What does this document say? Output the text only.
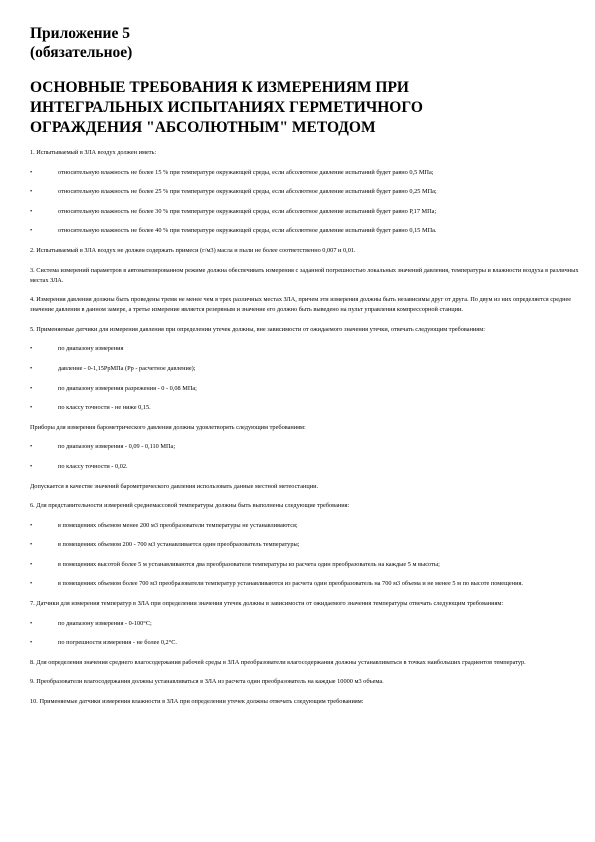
Приложение 5

(обязательное)

ОСНОВНЫЕ ТРЕБОВАНИЯ К ИЗМЕРЕНИЯМ ПРИ
ИНТЕГРАЛЬНЫХ ИСПЫТАНИЯХ ГЕРМЕТИЧНОГО
ОГРАЖДЕНИЯ "АБСОЛЮТНЫМ" МЕТОДОМ
1. Испытываемый в ЗЛА воздух должен иметь:
•	относительную влажность не более 15 % при температуре окружающей среды, если абсолютное давление испытаний будет равно 0,5 МПа;
•	относительную влажность не более 25 % при температуре окружающей среды, если абсолютное давление испытаний будет равно 0,25 МПа;
•	относительную влажность не более 30 % при температуре окружающей среды, если абсолютное давление испытаний будет равно Р,17 МПа;
•	относительную влажность не более 40 % при температуре окружающей среды, если абсолютное давление испытаний будет равно 0,15 МПа.
2. Испытываемый в ЗЛА воздух не должен содержать примеси (г/м3) масла и пыли не более соответственно 0,007 и 0,01.
3. Система измерений параметров в автоматизированном режиме должна обеспечивать измерения с заданной погрешностью локальных значений давления, температуры и влажности воздуха в различных местах ЗЛА.
4. Измерения давления должны быть проведены тремя не менее чем в трех различных местах ЗЛА, причем эти измерения должны быть независимы друг от друга. По двум из них определяется среднее значение давления в данном замере, а третье измерение является резервным и значение его должно быть выведено на пульт управления компрессорной станции.
5. Применяемые датчики для измерения давления при определении утечек должны, вне зависимости от ожидаемого значения утечки, отвечать следующим требованиям:
•	по диапазону измерения
•	давление - 0-1,15РрМПа (Рр - расчетное давление);
•	по диапазону измерения разрежения - 0 - 0,08 МПа;
•	по классу точности - не ниже 0,15.
Приборы для измерения барометрического давления должны удовлетворять следующим требованиям:
•	по диапазону измерения - 0,09 - 0,110 МПа;
•	по классу точности - 0,02.
Допускается в качестве значений барометрического давления использовать данные местной метеостанции.
6. Для представительности измерений среднемассовой температуры должны быть выполнены следующие требования:
•	в помещениях объемом менее 200 м3 преобразователи температуры не устанавливаются;
•	в помещениях объемом 200 - 700 м3 устанавливается один преобразователь температуры;
•	в помещениях высотой более 5 м устанавливаются два преобразователя температуры из расчета один преобразователь на каждые 5 м высоты;
•	в помещениях объемом более 700 м3 преобразователи температур устанавливаются из расчета один преобразователь на 700 м3 объема и не менее 5 м по высоте помещения.
7. Датчики для измерения температур в ЗЛА при определении значения утечек должны в зависимости от ожидаемого значения температуры отвечать следующим требованиям:
•	по диапазону измерения - 0-100°С;
•	по погрешности измерения - не более 0,2°С.
8. Для определения значения среднего влагосодержания рабочей среды в ЗЛА преобразователи влагосодержания должны устанавливаться в точках наибольших градиентов температур.
9. Преобразователи влагосодержания должны устанавливаться в ЗЛА из расчета один преобразователь на каждые 10000 м3 объема.
10. Применяемые датчики измерения влажности в ЗЛА при определении утечек должны отвечать следующим требованиям:
